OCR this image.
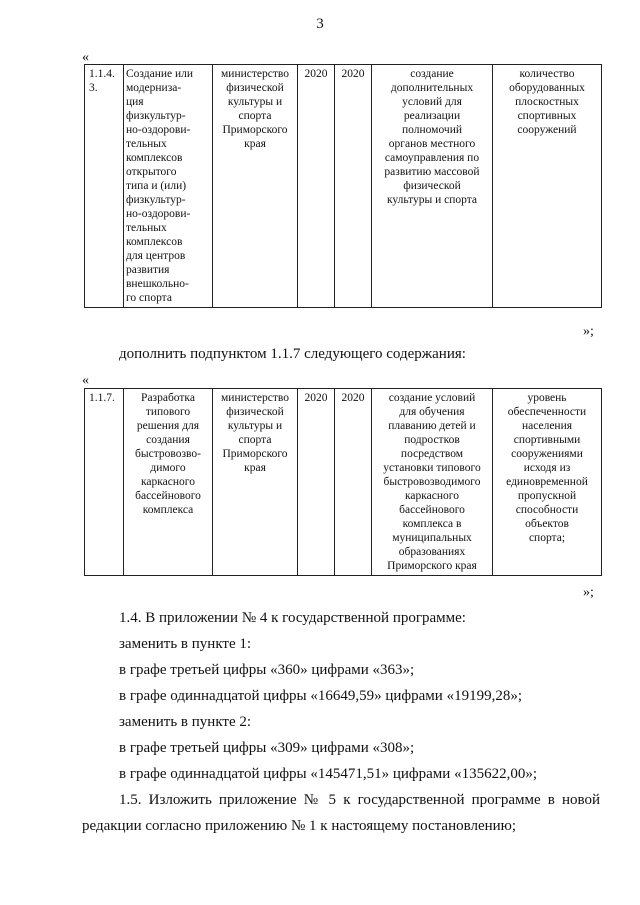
3
«
1.1.4.
3.	Создание или
модерниза-
ция
физкультур-
но-оздорови-
тельных
комплексов
открытого
типа и (или)
физкультур-
но-оздорови-
тельных
комплексов
для центров
развития
внешкольно-
го спорта	министерство
физической
культуры и
спорта
Приморского
края	2020	2020	создание
дополнительных
условий для
реализации
полномочий
органов местного
самоуправления по
развитию массовой
физической
культуры и спорта	количество
оборудованных
плоскостных
спортивных
сооружений
»;
дополнить подпунктом 1.1.7 следующего содержания:
«
1.1.7.	Разработка
типового
решения для
создания
быстровозво-
димого
каркасного
бассейнового
комплекса	министерство
физической
культуры и
спорта
Приморского
края	2020	2020	создание условий
для обучения
плаванию детей и
подростков
посредством
установки типового
быстровозводимого
каркасного
бассейнового
комплекса в
муниципальных
образованиях
Приморского края	уровень
обеспеченности
населения
спортивными
сооружениями
исходя из
единовременной
пропускной
способности
объектов
спорта;
»;
1.4. В приложении № 4 к государственной программе:
заменить в пункте 1:
в графе третьей цифры «360» цифрами «363»;
в графе одиннадцатой цифры «16649,59» цифрами «19199,28»;
заменить в пункте 2:
в графе третьей цифры «309» цифрами «308»;
в графе одиннадцатой цифры «145471,51» цифрами «135622,00»;
1.5. Изложить приложение № 5 к государственной программе в новой
редакции согласно приложению № 1 к настоящему постановлению;
